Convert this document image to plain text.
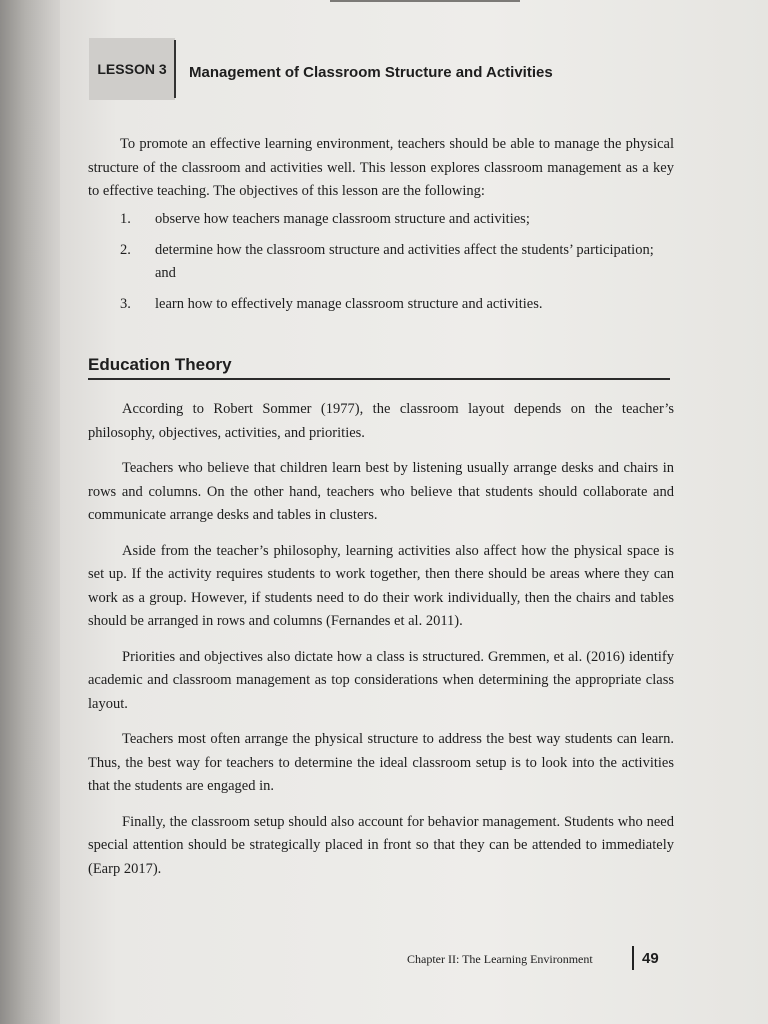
LESSON 3 Management of Classroom Structure and Activities

To promote an effective learning environment, teachers should be able to manage the physical structure of the classroom and activities well. This lesson explores classroom management as a key to effective teaching. The objectives of this lesson are the following:

1.	observe how teachers manage classroom structure and activities;
2.	determine how the classroom structure and activities affect the students’ participation; and
3.	learn how to effectively manage classroom structure and activities.
Education Theory

According to Robert Sommer (1977), the classroom layout depends on the teacher’s philosophy, objectives, activities, and priorities.

Teachers who believe that children learn best by listening usually arrange desks and chairs in rows and columns. On the other hand, teachers who believe that students should collaborate and communicate arrange desks and tables in clusters.

Aside from the teacher’s philosophy, learning activities also affect how the physical space is set up. If the activity requires students to work together, then there should be areas where they can work as a group. However, if students need to do their work individually, then the chairs and tables should be arranged in rows and columns (Fernandes et al. 2011).

Priorities and objectives also dictate how a class is structured. Gremmen, et al. (2016) identify academic and classroom management as top considerations when determining the appropriate class layout.

Teachers most often arrange the physical structure to address the best way students can learn. Thus, the best way for teachers to determine the ideal classroom setup is to look into the activities that the students are engaged in.

Finally, the classroom setup should also account for behavior management. Students who need special attention should be strategically placed in front so that they can be attended to immediately (Earp 2017).

Chapter II: The Learning Environment	49
